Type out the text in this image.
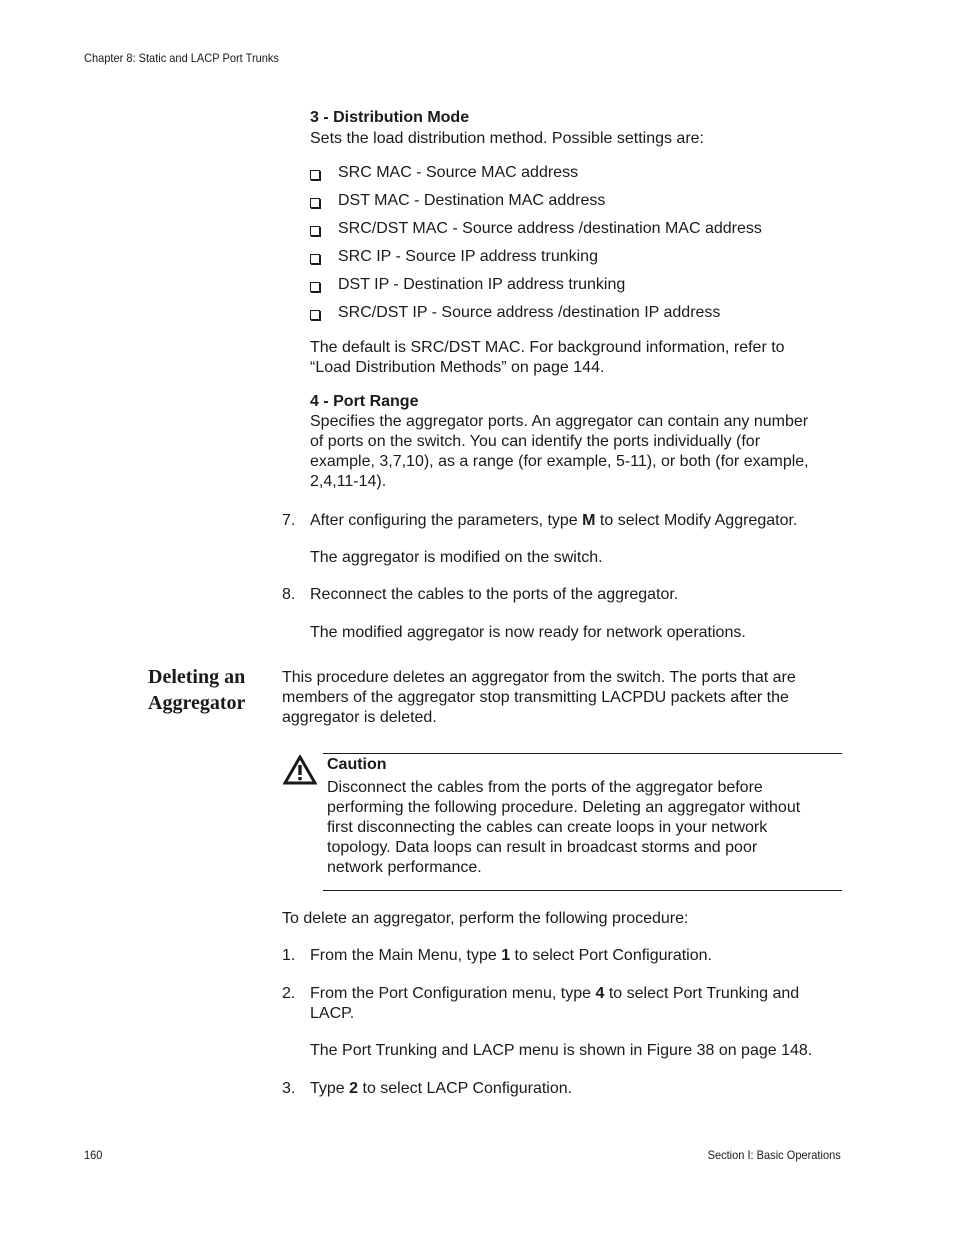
Chapter 8: Static and LACP Port Trunks
3 - Distribution Mode
Sets the load distribution method. Possible settings are:
SRC MAC - Source MAC address
DST MAC - Destination MAC address
SRC/DST MAC - Source address /destination MAC address
SRC IP - Source IP address trunking
DST IP - Destination IP address trunking
SRC/DST IP - Source address /destination IP address
The default is SRC/DST MAC. For background information, refer to
“Load Distribution Methods” on page 144.
4 - Port Range
Specifies the aggregator ports. An aggregator can contain any number
of ports on the switch. You can identify the ports individually (for
example, 3,7,10), as a range (for example, 5-11), or both (for example,
2,4,11-14).
7. After configuring the parameters, type M to select Modify Aggregator.
The aggregator is modified on the switch.
8. Reconnect the cables to the ports of the aggregator.
The modified aggregator is now ready for network operations.
Deleting an
Aggregator
This procedure deletes an aggregator from the switch. The ports that are
members of the aggregator stop transmitting LACPDU packets after the
aggregator is deleted.
Caution
Disconnect the cables from the ports of the aggregator before
performing the following procedure. Deleting an aggregator without
first disconnecting the cables can create loops in your network
topology. Data loops can result in broadcast storms and poor
network performance.
To delete an aggregator, perform the following procedure:
1. From the Main Menu, type 1 to select Port Configuration.
2. From the Port Configuration menu, type 4 to select Port Trunking and
LACP.
The Port Trunking and LACP menu is shown in Figure 38 on page 148.
3. Type 2 to select LACP Configuration.
160	Section I: Basic Operations
